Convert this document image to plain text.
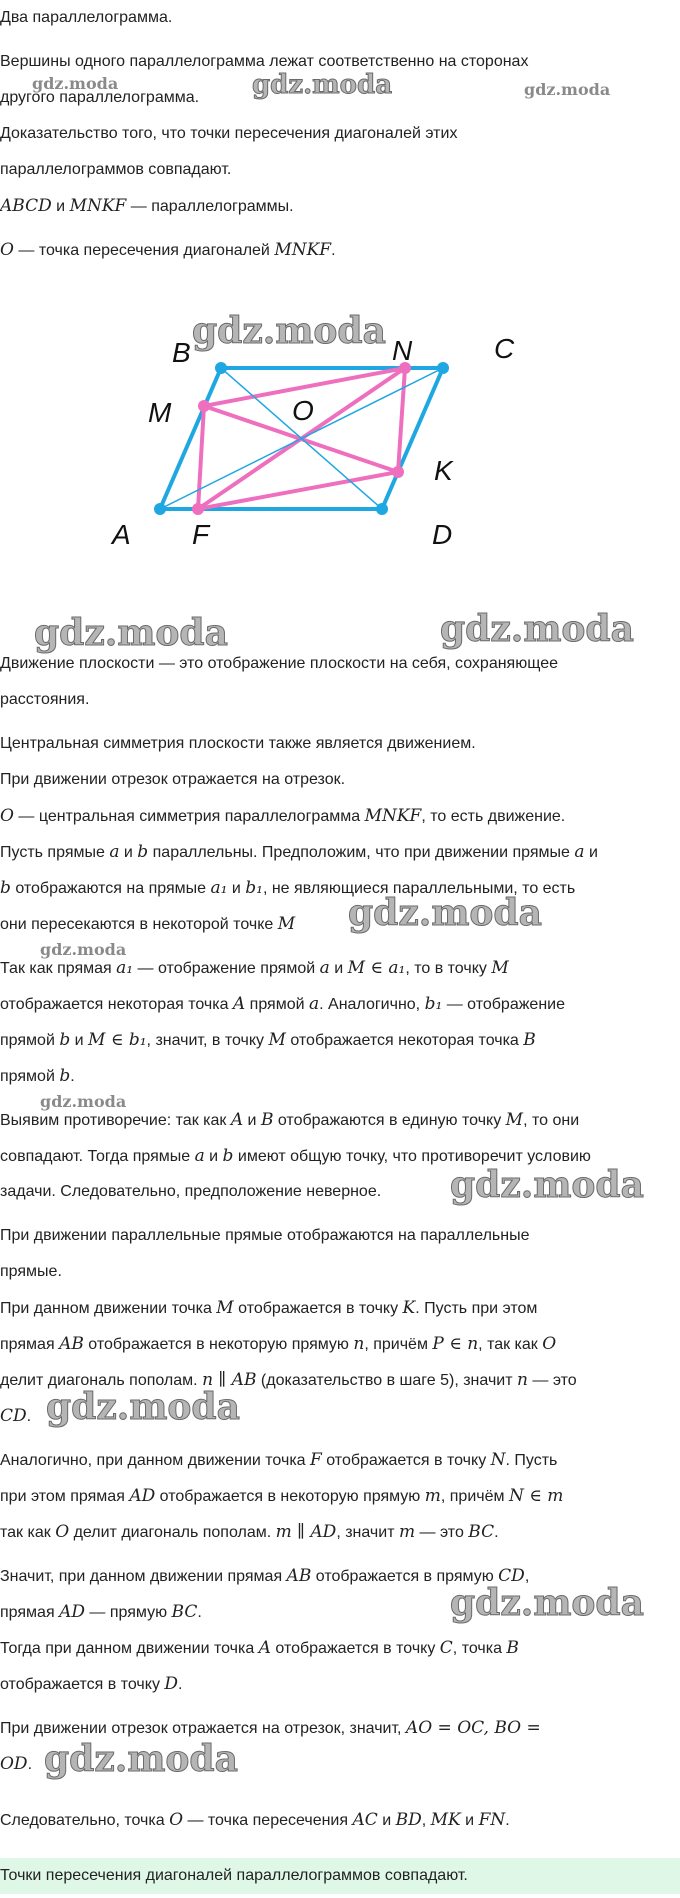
Два параллелограмма.
Вершины одного параллелограмма лежат соответственно на сторонах
другого параллелограмма.
Доказательство того, что точки пересечения диагоналей этих
параллелограммов совпадают.
ABCD и MNKF — параллелограммы.
O — точка пересечения диагоналей MNKF.
B	C
A	D
M
N
K
F
O
Движение плоскости — это отображение плоскости на себя, сохраняющее
расстояния.
Центральная симметрия плоскости также является движением.
При движении отрезок отражается на отрезок.
O — центральная симметрия параллелограмма MNKF, то есть движение.
Пусть прямые a и b параллельны. Предположим, что при движении прямые a и
b отображаются на прямые a₁ и b₁, не являющиеся параллельными, то есть
они пересекаются в некоторой точке M
Так как прямая a₁ — отображение прямой a и M ∈ a₁, то в точку M
отображается некоторая точка A прямой a. Аналогично, b₁ — отображение
прямой b и M ∈ b₁, значит, в точку M отображается некоторая точка B
прямой b.
Выявим противоречие: так как A и B отображаются в единую точку M, то они
совпадают. Тогда прямые a и b имеют общую точку, что противоречит условию
задачи. Следовательно, предположение неверное.
При движении параллельные прямые отображаются на параллельные
прямые.
При данном движении точка M отображается в точку K. Пусть при этом
прямая AB отображается в некоторую прямую n, причём P ∈ n, так как O
делит диагональ пополам. n ∥ AB (доказательство в шаге 5), значит n — это
CD.
Аналогично, при данном движении точка F отображается в точку N. Пусть
при этом прямая AD отображается в некоторую прямую m, причём N ∈ m
так как O делит диагональ пополам. m ∥ AD, значит m — это BC.
Значит, при данном движении прямая AB отображается в прямую CD,
прямая AD — прямую BC.
Тогда при данном движении точка A отображается в точку C, точка B
отображается в точку D.
При движении отрезок отражается на отрезок, значит, AO = OC, BO =
OD.
Следовательно, точка O — точка пересечения AC и BD, MK и FN.
Точки пересечения диагоналей параллелограммов совпадают.
gdz.moda	gdz.moda	gdz.moda
gdz.moda
gdz.moda	gdz.moda
gdz.moda
gdz.moda
gdz.moda
gdz.moda
gdz.moda
gdz.moda
gdz.moda
